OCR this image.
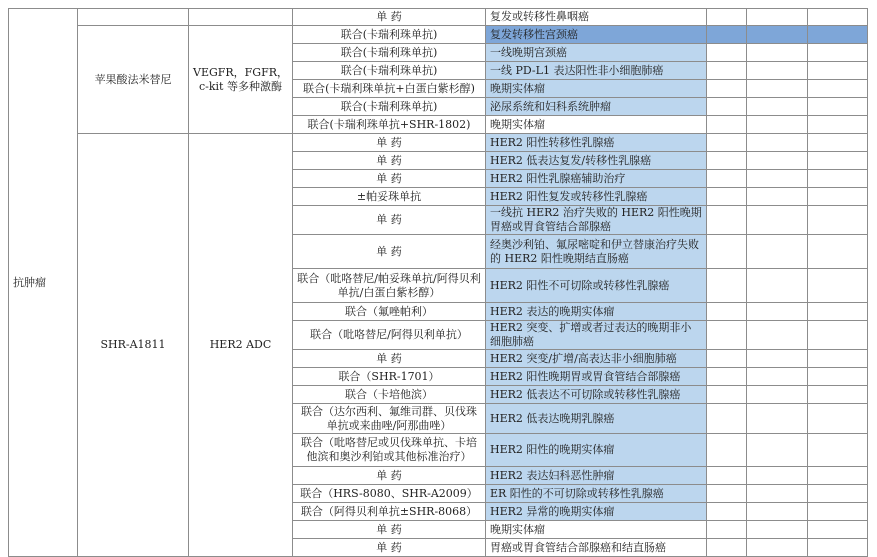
抗肿瘤			单 药	复发或转移性鼻咽癌			
	苹果酸法米替尼	VEGFR，FGFR，c-kit 等多种激酶	联合(卡瑞利珠单抗)	复发转移性宫颈癌			
			联合(卡瑞利珠单抗)	一线晚期宫颈癌			
			联合(卡瑞利珠单抗)	一线 PD-L1 表达阳性非小细胞肺癌			
			联合(卡瑞利珠单抗+白蛋白紫杉醇)	晚期实体瘤			
			联合(卡瑞利珠单抗)	泌尿系统和妇科系统肿瘤			
			联合(卡瑞利珠单抗+SHR-1802)	晚期实体瘤			
	SHR-A1811	HER2 ADC	单 药	HER2 阳性转移性乳腺癌			
			单 药	HER2 低表达复发/转移性乳腺癌			
			单 药	HER2 阳性乳腺癌辅助治疗			
			±帕妥珠单抗	HER2 阳性复发或转移性乳腺癌			
			单 药	一线抗 HER2 治疗失败的 HER2 阳性晚期胃癌或胃食管结合部腺癌			
			单 药	经奥沙利铂、氟尿嘧啶和伊立替康治疗失败的 HER2 阳性晚期结直肠癌			
			联合（吡咯替尼/帕妥珠单抗/阿得贝利单抗/白蛋白紫杉醇）	HER2 阳性不可切除或转移性乳腺癌			
			联合（氟唑帕利）	HER2 表达的晚期实体瘤			
			联合（吡咯替尼/阿得贝利单抗）	HER2 突变、扩增或者过表达的晚期非小细胞肺癌			
			单 药	HER2 突变/扩增/高表达非小细胞肺癌			
			联合（SHR-1701）	HER2 阳性晚期胃或胃食管结合部腺癌			
			联合（卡培他滨）	HER2 低表达不可切除或转移性乳腺癌			
			联合（达尔西利、氟维司群、贝伐珠单抗或来曲唑/阿那曲唑）	HER2 低表达晚期乳腺癌			
			联合（吡咯替尼或贝伐珠单抗、卡培他滨和奥沙利铂或其他标准治疗）	HER2 阳性的晚期实体瘤			
			单 药	HER2 表达妇科恶性肿瘤			
			联合（HRS-8080、SHR-A2009）	ER 阳性的不可切除或转移性乳腺癌			
			联合（阿得贝利单抗±SHR-8068）	HER2 异常的晚期实体瘤			
			单 药	晚期实体瘤			
			单 药	胃癌或胃食管结合部腺癌和结直肠癌			
